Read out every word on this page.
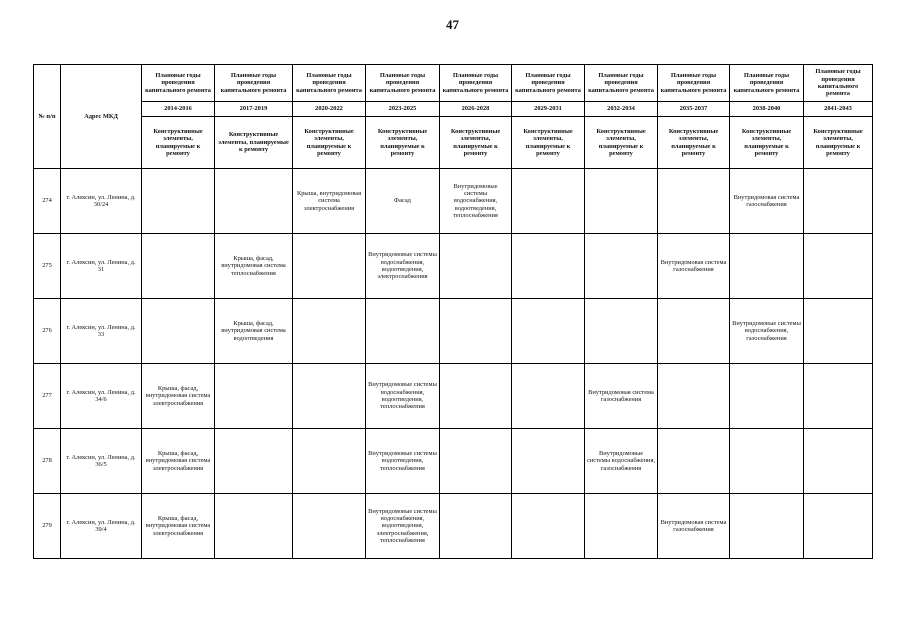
47
№ п/п	Адрес МКД	Плановые годы проведения капитального ремонта	Плановые годы проведения капитального ремонта	Плановые годы проведения капитального ремонта	Плановые годы проведения капитального ремонта	Плановые годы проведения капитального ремонта	Плановые годы проведения капитального ремонта	Плановые годы проведения капитального ремонта	Плановые годы проведения капитального ремонта	Плановые годы проведения капитального ремонта	Плановые годы проведения капитального ремонта
		2014-2016	2017-2019	2020-2022	2023-2025	2026-2028	2029-2031	2032-2034	2035-2037	2038-2040	2041-2043
		Конструктивные элементы, планируемые к ремонту	Конструктивные элементы, планируемые к ремонту	Конструктивные элементы, планируемые к ремонту	Конструктивные элементы, планируемые к ремонту	Конструктивные элементы, планируемые к ремонту	Конструктивные элементы, планируемые к ремонту	Конструктивные элементы, планируемые к ремонту	Конструктивные элементы, планируемые к ремонту	Конструктивные элементы, планируемые к ремонту	Конструктивные элементы, планируемые к ремонту
274	г. Алексин, ул. Ленина, д. 30/24			Крыша, внутридомовая система электроснабжения	Фасад	Внутридомовые системы водоснабжения, водоотведения, теплоснабжения				Внутридомовая система газоснабжения	
275	г. Алексин, ул. Ленина, д. 31		Крыша, фасад, внутридомовая система теплоснабжения		Внутридомовые системы водоснабжения, водоотведения, электроснабжения				Внутридомовая система газоснабжения		
276	г. Алексин, ул. Ленина, д. 33		Крыша, фасад, внутридомовая система водоотведения							Внутридомовые системы водоснабжения, газоснабжения	
277	г. Алексин, ул. Ленина, д. 34/6	Крыша, фасад, внутридомовая система электроснабжения			Внутридомовые системы водоснабжения, водоотведения, теплоснабжения			Внутридомовая система газоснабжения			
278	г. Алексин, ул. Ленина, д. 36/5	Крыша, фасад, внутридомовая система электроснабжения			Внутридомовые системы водоотведения, теплоснабжения			Внутридомовые системы водоснабжения, газоснабжения			
279	г. Алексин, ул. Ленина, д. 39/4	Крыша, фасад, внутридомовая система электроснабжения			Внутридомовые системы водоснабжения, водоотведения, электроснабжения, теплоснабжения				Внутридомовая система газоснабжения		
